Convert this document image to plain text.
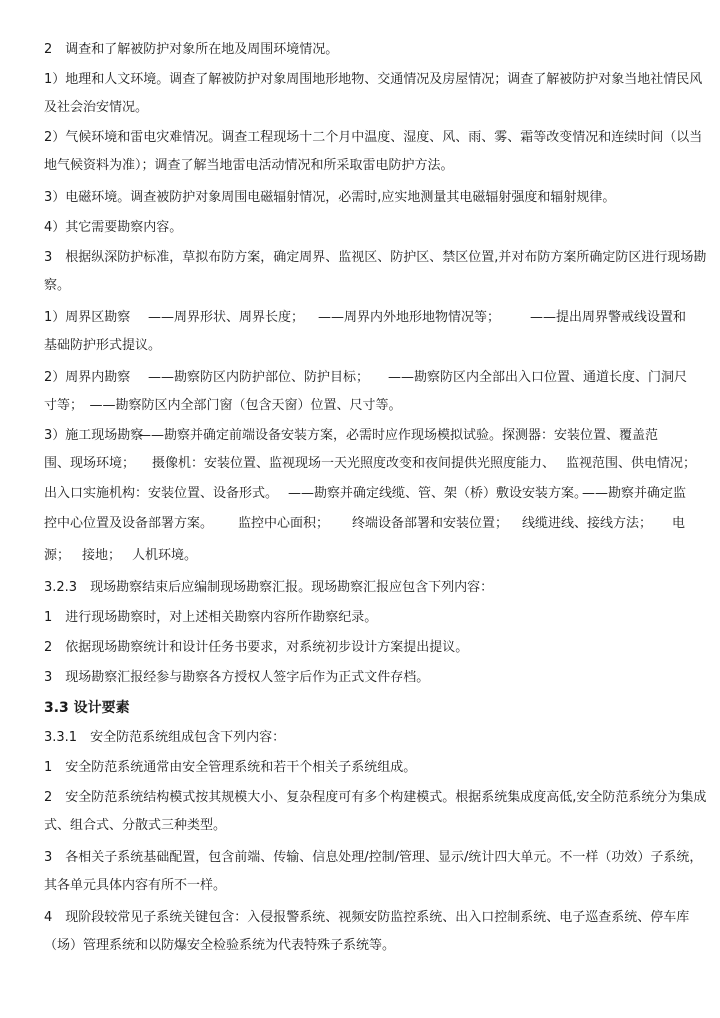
2　调查和了解被防护对象所在地及周围环境情况。
1）地理和人文环境。调查了解被防护对象周围地形地物、交通情况及房屋情况；调查了解被防护对象当地社情民风
及社会治安情况。
2）气候环境和雷电灾难情况。调查工程现场十二个月中温度、湿度、风、雨、雾、霜等改变情况和连续时间（以当
地气候资料为准）；调查了解当地雷电活动情况和所采取雷电防护方法。
3）电磁环境。调查被防护对象周围电磁辐射情况，必需时,应实地测量其电磁辐射强度和辐射规律。
4）其它需要勘察内容。
3　根据纵深防护标准，草拟布防方案，确定周界、监视区、防护区、禁区位置,并对布防方案所确定防区进行现场勘
察。
1）周界区勘察 ——周界形状、周界长度； ——周界内外地形地物情况等； ——提出周界警戒线设置和
基础防护形式提议。
2）周界内勘察 ——勘察防区内防护部位、防护目标； ——勘察防区内全部出入口位置、通道长度、门洞尺
寸等；　——勘察防区内全部门窗（包含天窗）位置、尺寸等。
3）施工现场勘察
——勘察并确定前端设备安装方案，必需时应作现场模拟试验。 探测器：安装位置、覆盖范
围、现场环境； 摄像机：安装位置、监视现场一天光照度改变和夜间提供光照度能力、 监视范围、供电情况；
出入口实施机构：安装位置、设备形式。 ——勘察并确定线缆、管、架（桥）敷设安装方案。
——勘察并确定监
控中心位置及设备部署方案。 监控中心面积； 终端设备部署和安装位置； 线缆进线、接线方法； 电
源； 接地； 人机环境。
3.2.3　现场勘察结束后应编制现场勘察汇报。现场勘察汇报应包含下列内容：
1　进行现场勘察时，对上述相关勘察内容所作勘察纪录。
2　依据现场勘察统计和设计任务书要求，对系统初步设计方案提出提议。
3　现场勘察汇报经参与勘察各方授权人签字后作为正式文件存档。
3.3 设计要素
3.3.1　安全防范系统组成包含下列内容：
1　安全防范系统通常由安全管理系统和若干个相关子系统组成。
2　安全防范系统结构模式按其规模大小、复杂程度可有多个构建模式。根据系统集成度高低,安全防范系统分为集成
式、组合式、分散式三种类型。
3　各相关子系统基础配置，包含前端、传输、信息处理/控制/管理、显示/统计四大单元。不一样（功效）子系统，
其各单元具体内容有所不一样。
4　现阶段较常见子系统关键包含：入侵报警系统、视频安防监控系统、出入口控制系统、电子巡查系统、停车库
（场）管理系统和以防爆安全检验系统为代表特殊子系统等。
